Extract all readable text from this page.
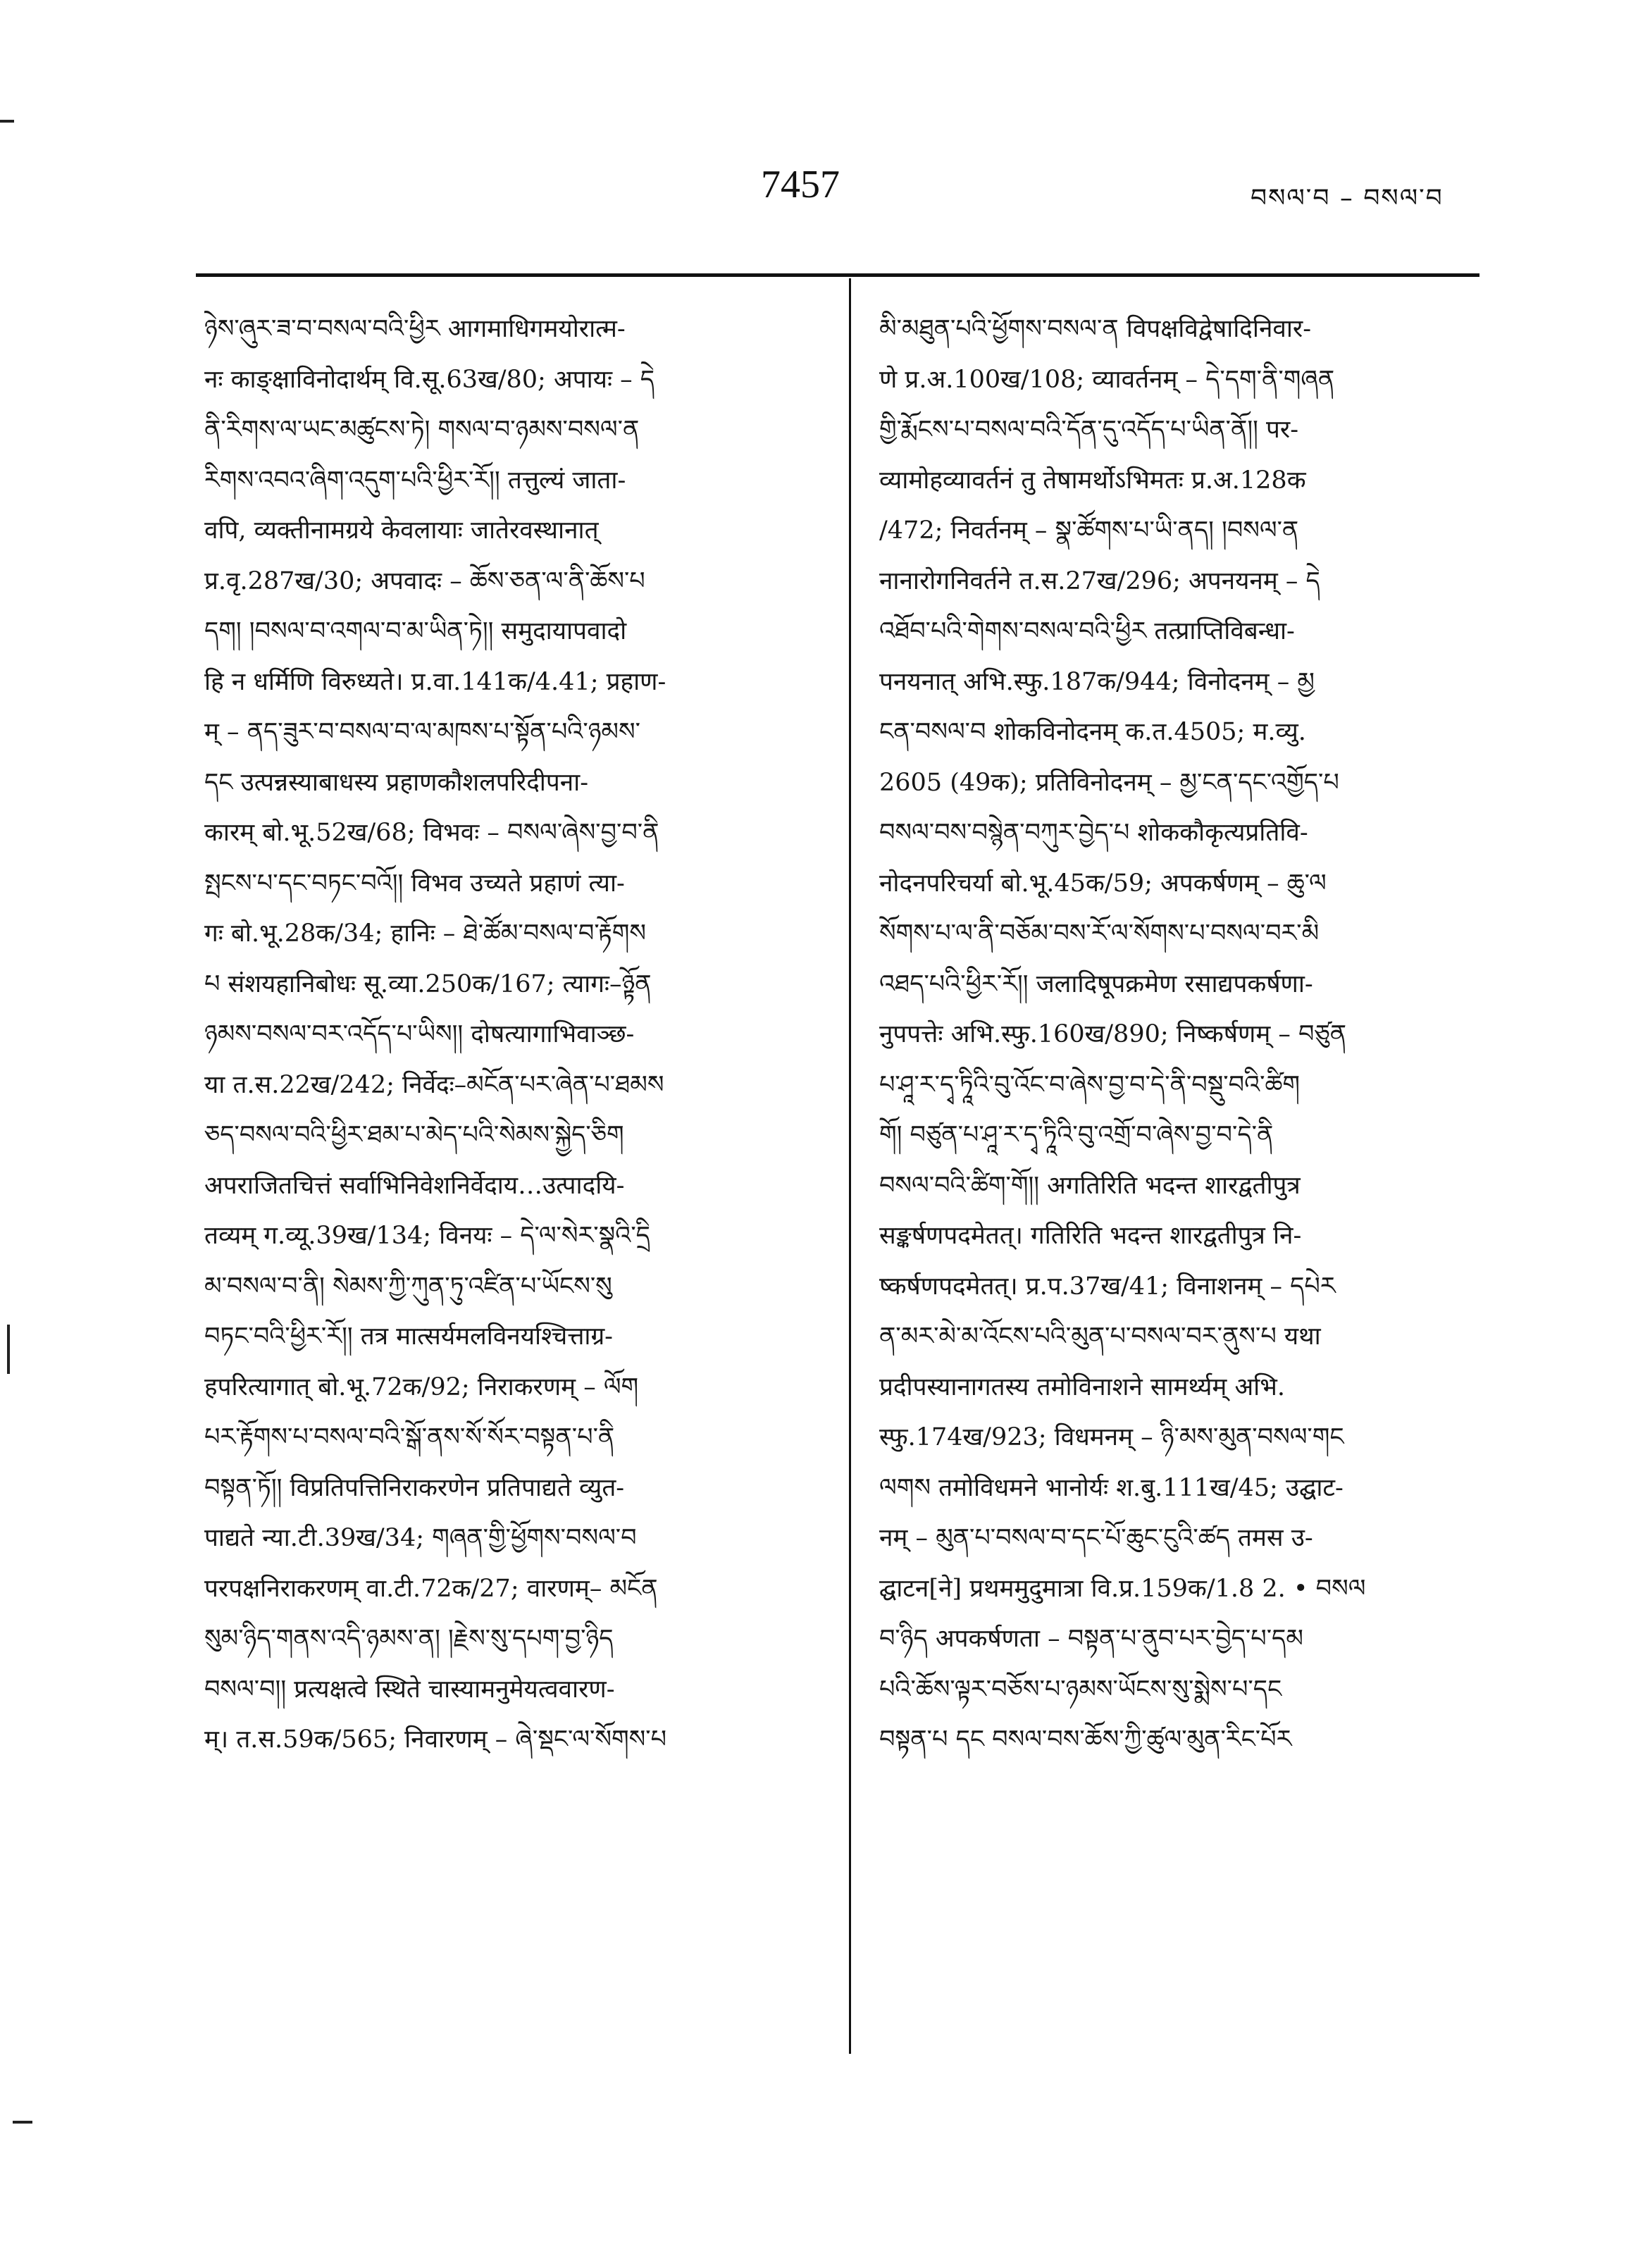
7457	བསལ་བ – བསལ་བ
ཉེས་ཞུར་ཟ་བ་བསལ་བའི་ཕྱིར आगमाधिगमयोरात्म-
नः काङ्क्षाविनोदार्थम् वि.सू.63ख/80; अपायः – དེ
ནི་རིགས་ལ་ཡང་མཚུངས་ཏེ། གསལ་བ་ཉམས་བསལ་ན
རིགས་འབའ་ཞིག་འདུག་པའི་ཕྱིར་རོ།། तत्तुल्यं जाता-
वपि, व्यक्तीनामग्रये केवलायाः जातेरवस्थानात्
प्र.वृ.287ख/30; अपवादः – ཆོས་ཅན་ལ་ནི་ཆོས་པ
དག། །བསལ་བ་འགལ་བ་མ་ཡིན་ཏེ།། समुदायापवादो
हि न धर्मिणि विरुध्यते। प्र.वा.141क/4.41; प्रहाण-
म् – ནད་ཟུར་བ་བསལ་བ་ལ་མཁས་པ་སྟོན་པའི་ཉམས་
དང उत्पन्नस्याबाधस्य प्रहाणकौशलपरिदीपना-
कारम् बो.भू.52ख/68; विभवः – བསལ་ཞེས་བྱ་བ་ནི
སྤངས་པ་དང་བཏང་བའོ།། विभव उच्यते प्रहाणं त्या-
गः बो.भू.28क/34; हानिः – ཐེ་ཚོམ་བསལ་བ་རྟོགས
པ संशयहानिबोधः सू.व्या.250क/167; त्यागः–ཉྟོན
ཉམས་བསལ་བར་འདོད་པ་ཡིས།། दोषत्यागाभिवाञ्छ-
या त.स.22ख/242; निर्वेदः–མངོན་པར་ཞེན་པ་ཐམས
ཅད་བསལ་བའི་ཕྱིར་ཐམ་པ་མེད་པའི་སེམས་སྐྱེད་ཅིག
अपराजितचित्तं सर्वाभिनिवेशनिर्वेदाय…उत्पादयि-
तव्यम् ग.व्यू.39ख/134; विनयः – དེ་ལ་སེར་སྣའི་དྲི
མ་བསལ་བ་ནི། སེམས་ཀྱི་ཀུན་ཏུ་འཛིན་པ་ཡོངས་སུ
བཏང་བའི་ཕྱིར་རོ།། तत्र मात्सर्यमलविनयश्चित्ताग्र-
हपरित्यागात् बो.भू.72क/92; निराकरणम् – ལོག
པར་རྟོགས་པ་བསལ་བའི་སྒོ་ནས་སོ་སོར་བསྟན་པ་ནི
བསྟན་ཏོ།། विप्रतिपत्तिनिराकरणेन प्रतिपाद्यते व्युत-
पाद्यते न्या.टी.39ख/34; གཞན་གྱི་ཕྱོགས་བསལ་བ
परपक्षनिराकरणम् वा.टी.72क/27; वारणम्– མངོན
སུམ་ཉིད་གནས་འདི་ཉམས་ན། །རྗེས་སུ་དཔག་བྱ་ཉིད
བསལ་བ།། प्रत्यक्षत्वे स्थिते चास्यामनुमेयत्ववारण-
म्। त.स.59क/565; निवारणम् – ཞེ་སྡང་ལ་སོགས་པ
མི་མཐུན་པའི་ཕྱོགས་བསལ་ན विपक्षविद्वेषादिनिवार-
णे प्र.अ.100ख/108; व्यावर्तनम् – དེ་དག་ནི་གཞན
གྱི་རྨོངས་པ་བསལ་བའི་དོན་དུ་འདོད་པ་ཡིན་ནོ།། पर-
व्यामोहव्यावर्तनं तु तेषामर्थोऽभिमतः प्र.अ.128क
/472; निवर्तनम् – སྣ་ཚོགས་པ་ཡི་ནད། །བསལ་ན
नानारोगनिवर्तने त.स.27ख/296; अपनयनम् – དེ
འཐོབ་པའི་གེགས་བསལ་བའི་ཕྱིར तत्प्राप्तिविबन्धा-
पनयनात् अभि.स्फु.187क/944; विनोदनम् – མྱ
ངན་བསལ་བ शोकविनोदनम् क.त.4505; म.व्यु.
2605 (49क); प्रतिविनोदनम् – མྱ་ངན་དང་འགྱོད་པ
བསལ་བས་བསྙེན་བཀུར་བྱེད་པ शोककौकृत्यप्रतिवि-
नोदनपरिचर्या बो.भू.45क/59; अपकर्षणम् – ཆུ་ལ
སོགས་པ་ལ་ནི་བཅོམ་བས་རོ་ལ་སོགས་པ་བསལ་བར་མི
འཐད་པའི་ཕྱིར་རོ།། जलादिषूपक्रमेण रसाद्यपकर्षणा-
नुपपत्तेः अभि.स्फु.160ख/890; निष्कर्षणम् – བཙུན
པ་ཤཱ་ར་དྭ་ཏཱིའི་བུ་འོང་བ་ཞེས་བྱ་བ་དེ་ནི་བསྡུ་བའི་ཚིག
གོ། བཙུན་པ་ཤཱ་ར་དྭ་ཏཱིའི་བུ་འགྲོ་བ་ཞེས་བྱ་བ་དེ་ནི
བསལ་བའི་ཚིག་གོ།། अगतिरिति भदन्त शारद्वतीपुत्र
सङ्कर्षणपदमेतत्। गतिरिति भदन्त शारद्वतीपुत्र नि-
ष्कर्षणपदमेतत्। प्र.प.37ख/41; विनाशनम् – དཔེར
ན་མར་མེ་མ་འོངས་པའི་མུན་པ་བསལ་བར་ནུས་པ यथा
प्रदीपस्यानागतस्य तमोविनाशने सामर्थ्यम् अभि.
स्फु.174ख/923; विधमनम् – ཉི་མས་མུན་བསལ་གང
ལགས तमोविधमने भानोर्यः श.बु.111ख/45; उद्घाट-
नम् – མུན་པ་བསལ་བ་དང་པོ་ཆུང་ངུའི་ཚད तमस उ-
द्घाटन[ने] प्रथममुदुमात्रा वि.प्र.159क/1.8 2. • བསལ
བ་ཉིད अपकर्षणता – བསྟན་པ་ནུབ་པར་བྱེད་པ་དམ
པའི་ཆོས་ལྟར་བཅོས་པ་ཉམས་ཡོངས་སུ་སྨེས་པ་དང
བསྟན་པ དང བསལ་བས་ཆོས་ཀྱི་ཚུལ་མུན་རིང་པོར
